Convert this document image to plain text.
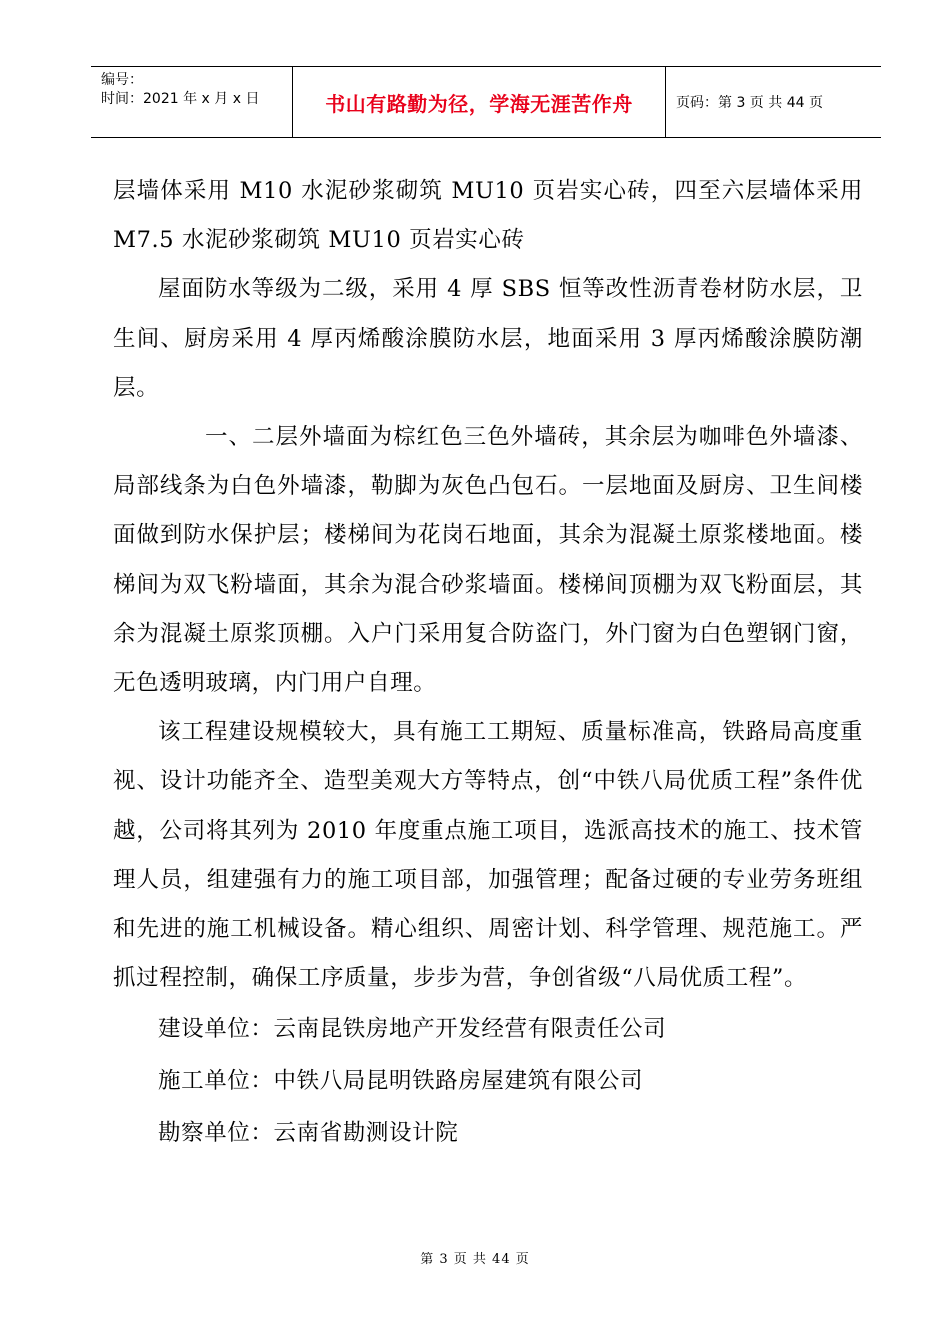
编号：
时间：2021 年 x 月 x 日	书山有路勤为径，学海无涯苦作舟	页码：第 3 页 共 44 页

层墙体采用 M10 水泥砂浆砌筑 MU10 页岩实心砖，四至六层墙体采用 M7.5 水泥砂浆砌筑 MU10 页岩实心砖

屋面防水等级为二级，采用 4 厚 SBS 恒等改性沥青卷材防水层，卫生间、厨房采用 4 厚丙烯酸涂膜防水层，地面采用 3 厚丙烯酸涂膜防潮层。

一、二层外墙面为棕红色三色外墙砖，其余层为咖啡色外墙漆、局部线条为白色外墙漆，勒脚为灰色凸包石。一层地面及厨房、卫生间楼面做到防水保护层；楼梯间为花岗石地面，其余为混凝土原浆楼地面。楼梯间为双飞粉墙面，其余为混合砂浆墙面。楼梯间顶棚为双飞粉面层，其余为混凝土原浆顶棚。入户门采用复合防盗门，外门窗为白色塑钢门窗，无色透明玻璃，内门用户自理。

该工程建设规模较大，具有施工工期短、质量标准高，铁路局高度重视、设计功能齐全、造型美观大方等特点，创“中铁八局优质工程”条件优越，公司将其列为 2010 年度重点施工项目，选派高技术的施工、技术管理人员，组建强有力的施工项目部，加强管理；配备过硬的专业劳务班组和先进的施工机械设备。精心组织、周密计划、科学管理、规范施工。严抓过程控制，确保工序质量，步步为营，争创省级“八局优质工程”。

建设单位：云南昆铁房地产开发经营有限责任公司

施工单位：中铁八局昆明铁路房屋建筑有限公司

勘察单位：云南省勘测设计院

第 3 页 共 44 页
